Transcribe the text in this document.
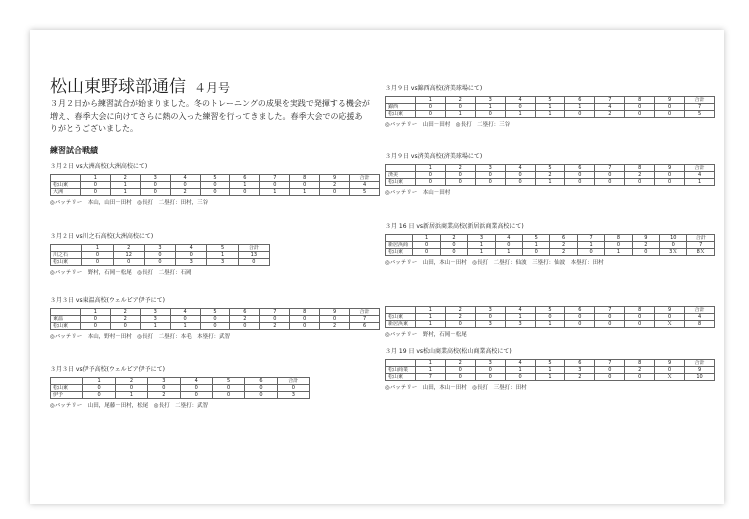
松山東野球部通信 ４月号
３月２日から練習試合が始まりました。冬のトレーニングの成果を実践で発揮する機会が増え、春季大会に向けてさらに熱の入った練習を行ってきました。春季大会での応援ありがとうございました。
練習試合戦績
３月２日 vs大洲高校(大洲高校にて)
	1	2	3	4	5	6	7	8	9	合計
松山東	0	1	0	0	0	1	0	0	2	4
大洲	0	1	0	2	0	0	1	1	0	5
◎バッテリー　本山，山田－田村　◎長打　二塁打：田村，三谷
３月２日 vs川之石高校(大洲高校にて)
	1	2	3	4	5	合計
川之石	0	12	0	0	1	13
松山東	0	0	0	3	3	0
◎バッテリー　野村，石岡－松尾　◎長打　二塁打：石岡
３月３日 vs東温高校(ウェルピア伊予にて)
	1	2	3	4	5	6	7	8	9	合計
東温	0	2	3	0	0	2	0	0	0	7
松山東	0	0	1	1	0	0	2	0	2	6
◎バッテリー　本山，野村－田村　◎長打　二塁打：本毛　本塁打：武智
３月３日 vs伊予高校(ウェルピア伊予にて)
	1	2	3	4	5	6	合計
松山東	0	0	0	0	0	0	0
伊予	0	1	2	0	0	0	3
◎バッテリー　山田，尾藤－田村，松尾　◎長打　二塁打：武智
３月９日 vs錦西高校(済美球場にて)
	1	2	3	4	5	6	7	8	9	合計
錦西	0	0	1	0	1	1	4	0	0	7
松山東	0	1	0	1	1	0	2	0	0	5
◎バッテリー　山田－田村　◎長打　二塁打：三谷
３月９日 vs済美高校(済美球場にて)
	1	2	3	4	5	6	7	8	9	合計
済美	0	0	0	0	2	0	0	2	0	4
松山東	0	0	0	0	1	0	0	0	0	1
◎バッテリー　本山－田村
３月 16 日 vs新居浜商業高校(新居浜商業高校にて)
	1	2	3	4	5	6	7	8	9	10	合計
新居浜商	0	0	1	0	1	2	1	0	2	0	7
松山東	0	0	1	1	0	2	0	1	0	3Ｘ	8Ｘ
◎バッテリー　山田，本山－田村　◎長打　二塁打：仙波　三塁打：仙波　本塁打：田村
	1	2	3	4	5	6	7	8	9	合計
松山東	1	2	0	1	0	0	0	0	0	4
新居浜東	1	0	3	3	1	0	0	0	Ｘ	8
◎バッテリー　野村，石岡－松尾
３月 19 日 vs松山商業高校(松山商業高校にて)
	1	2	3	4	5	6	7	8	9	合計
松山商業	1	0	0	1	1	3	0	2	0	9
松山東	7	0	0	0	1	2	0	0	Ｘ	10
◎バッテリー　山田，本山－田村　◎長打　三塁打：田村
